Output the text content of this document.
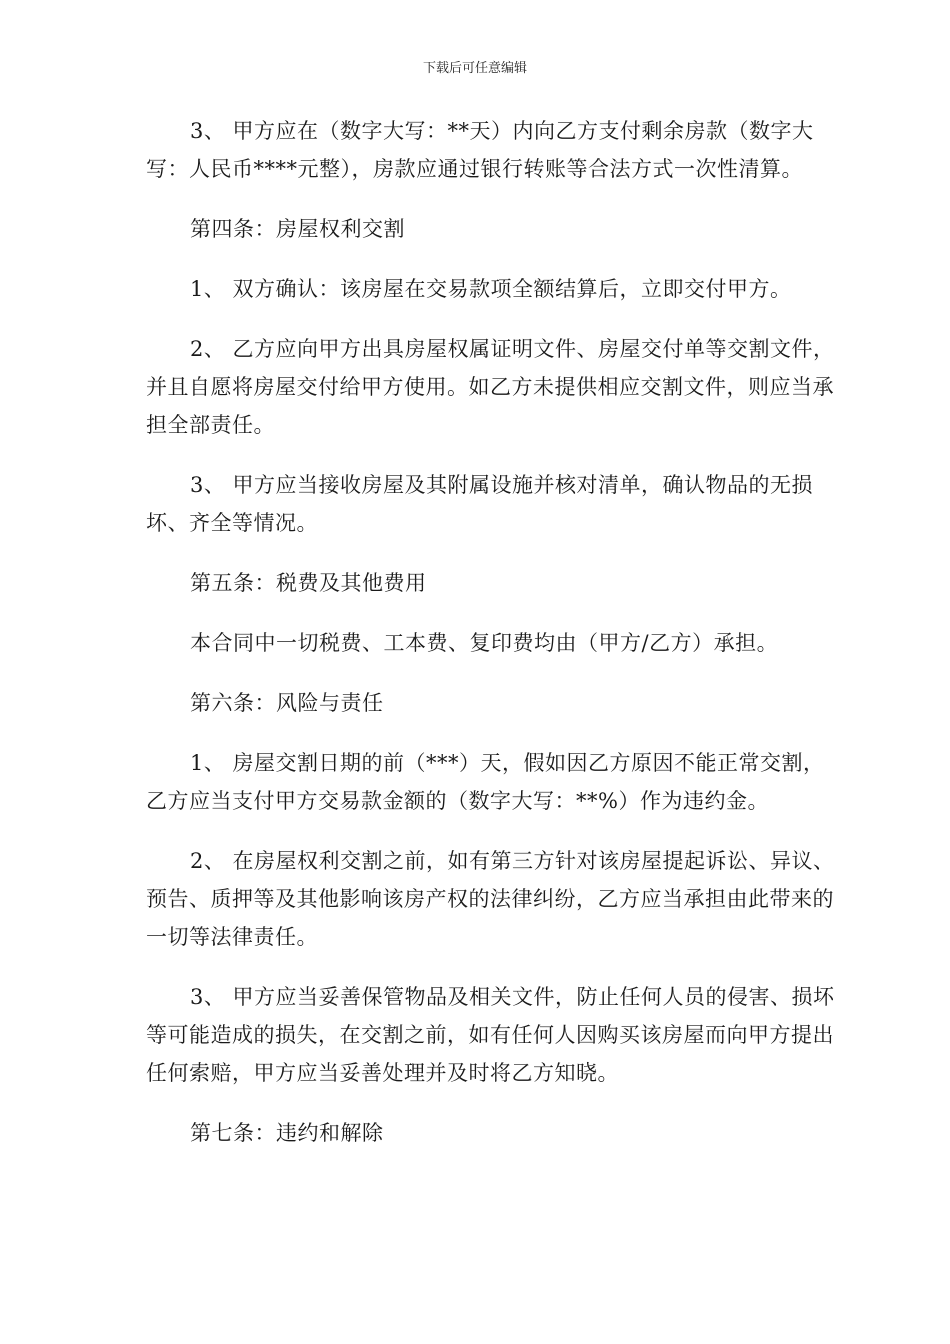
下载后可任意编辑

3、 甲方应在（数字大写：**天）内向乙方支付剩余房款（数字大写：人民币****元整），房款应通过银行转账等合法方式一次性清算。

第四条：房屋权利交割

1、 双方确认：该房屋在交易款项全额结算后，立即交付甲方。

2、 乙方应向甲方出具房屋权属证明文件、房屋交付单等交割文件，并且自愿将房屋交付给甲方使用。如乙方未提供相应交割文件，则应当承担全部责任。

3、 甲方应当接收房屋及其附属设施并核对清单，确认物品的无损坏、齐全等情况。

第五条：税费及其他费用

本合同中一切税费、工本费、复印费均由（甲方/乙方）承担。

第六条：风险与责任

1、 房屋交割日期的前（***）天，假如因乙方原因不能正常交割，乙方应当支付甲方交易款金额的（数字大写：**%）作为违约金。

2、 在房屋权利交割之前，如有第三方针对该房屋提起诉讼、异议、预告、质押等及其他影响该房产权的法律纠纷，乙方应当承担由此带来的一切等法律责任。

3、 甲方应当妥善保管物品及相关文件，防止任何人员的侵害、损坏等可能造成的损失，在交割之前，如有任何人因购买该房屋而向甲方提出任何索赔，甲方应当妥善处理并及时将乙方知晓。

第七条：违约和解除
